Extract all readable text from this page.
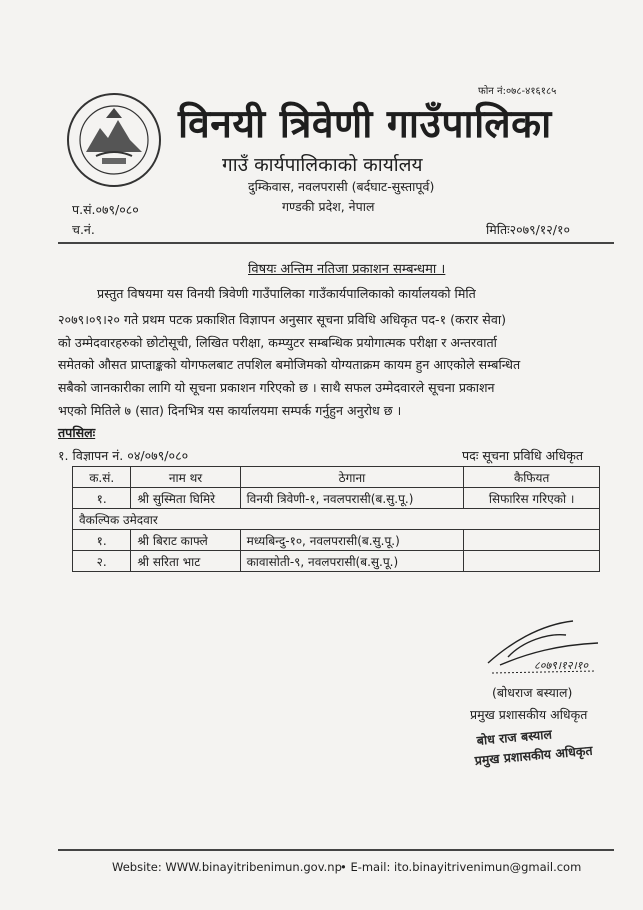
फोन नं:०७८-४१६१८५
विनयी त्रिवेणी गाउँपालिका
गाउँ कार्यपालिकाको कार्यालय
दुम्किवास, नवलपरासी (बर्दघाट-सुस्तापूर्व)
गण्डकी प्रदेश, नेपाल
प.सं.०७९/०८०
च.नं.	मितिः२०७९/१२/१०
विषयः अन्तिम नतिजा प्रकाशन सम्बन्धमा ।
प्रस्तुत विषयमा यस विनयी त्रिवेणी गाउँपालिका गाउँकार्यपालिकाको कार्यालयको मिति
२०७९।०९।२० गते प्रथम पटक प्रकाशित विज्ञापन अनुसार सूचना प्रविधि अधिकृत पद-१ (करार सेवा)
को उम्मेदवारहरुको छोटोसूची, लिखित परीक्षा, कम्प्युटर सम्बन्धिक प्रयोगात्मक परीक्षा र अन्तरवार्ता
समेतको औसत प्राप्ताङ्कको योगफलबाट तपशिल बमोजिमको योग्यताक्रम कायम हुन आएकोले सम्बन्धित
सबैको जानकारीका लागि यो सूचना प्रकाशन गरिएको छ । साथै सफल उम्मेदवारले सूचना प्रकाशन
भएको मितिले ७ (सात) दिनभित्र यस कार्यालयमा सम्पर्क गर्नुहुन अनुरोध छ ।
तपसिलः
१. विज्ञापन नं. ०४/०७९/०८०	पदः सूचना प्रविधि अधिकृत
क.सं.	नाम थर	ठेगाना	कैफियत
१.	श्री सुस्मिता घिमिरे	विनयी त्रिवेणी-१, नवलपरासी(ब.सु.पू.)	सिफारिस गरिएको ।
वैकल्पिक उमेदवार			
१.	श्री बिराट काफ्ले	मध्यबिन्दु-१०, नवलपरासी(ब.सु.पू.)	
२.	श्री सरिता भाट	कावासोती-९, नवलपरासी(ब.सु.पू.)	
८०७९।१२।१०
(बोधराज बस्याल)
प्रमुख प्रशासकीय अधिकृत
बोध राज बस्याल
प्रमुख प्रशासकीय अधिकृत
Website: WWW.binayitribenimun.gov.np
• E-mail: ito.binayitrivenimun@gmail.com
